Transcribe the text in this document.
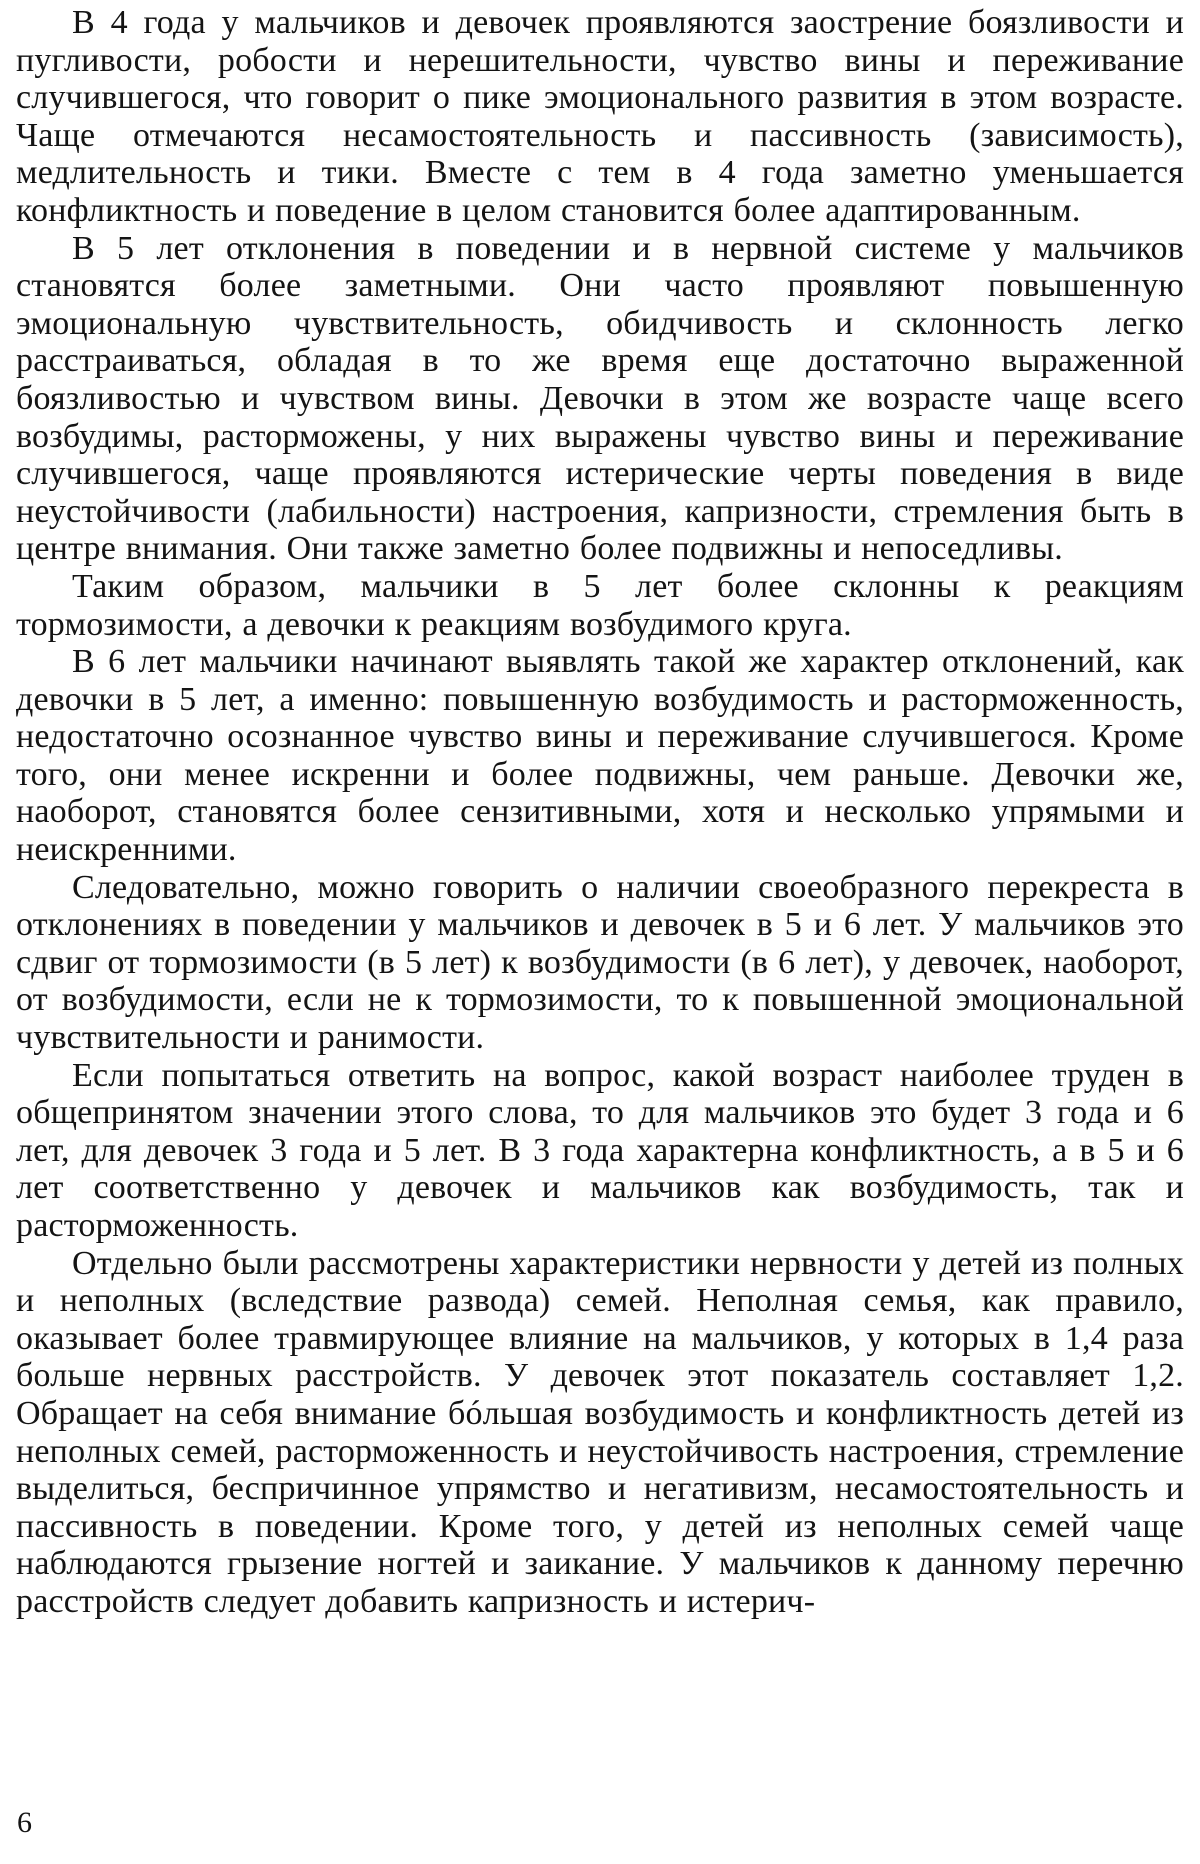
В 4 года у мальчиков и девочек проявляются заострение боязливости и пугливости, робости и нерешительности, чувство вины и переживание случившегося, что говорит о пике эмоционального развития в этом возрасте. Чаще отмечаются несамостоятельность и пассивность (зависимость), медлительность и тики. Вместе с тем в 4 года заметно уменьшается конфликтность и поведение в целом становится более адаптированным.

В 5 лет отклонения в поведении и в нервной системе у мальчиков становятся более заметными. Они часто проявляют повышенную эмоциональную чувствительность, обидчивость и склонность легко расстраиваться, обладая в то же время еще достаточно выраженной боязливостью и чувством вины. Девочки в этом же возрасте чаще всего возбудимы, расторможены, у них выражены чувство вины и переживание случившегося, чаще проявляются истерические черты поведения в виде неустойчивости (лабильности) настроения, капризности, стремления быть в центре внимания. Они также заметно более подвижны и непоседливы.

Таким образом, мальчики в 5 лет более склонны к реакциям тормозимости, а девочки к реакциям возбудимого круга.

В 6 лет мальчики начинают выявлять такой же характер отклонений, как девочки в 5 лет, а именно: повышенную возбудимость и расторможенность, недостаточно осознанное чувство вины и переживание случившегося. Кроме того, они менее искренни и более подвижны, чем раньше. Девочки же, наоборот, становятся более сензитивными, хотя и несколько упрямыми и неискренними.

Следовательно, можно говорить о наличии своеобразного перекреста в отклонениях в поведении у мальчиков и девочек в 5 и 6 лет. У мальчиков это сдвиг от тормозимости (в 5 лет) к возбудимости (в 6 лет), у девочек, наоборот, от возбудимости, если не к тормозимости, то к повышенной эмоциональной чувствительности и ранимости.

Если попытаться ответить на вопрос, какой возраст наиболее труден в общепринятом значении этого слова, то для мальчиков это будет 3 года и 6 лет, для девочек 3 года и 5 лет. В 3 года характерна конфликтность, а в 5 и 6 лет соответственно у девочек и мальчиков как возбудимость, так и расторможенность.

Отдельно были рассмотрены характеристики нервности у детей из полных и неполных (вследствие развода) семей. Неполная семья, как правило, оказывает более травмирующее влияние на мальчиков, у которых в 1,4 раза больше нервных расстройств. У девочек этот показатель составляет 1,2. Обращает на себя внимание бóльшая возбудимость и конфликтность детей из неполных семей, расторможенность и неустойчивость настроения, стремление выделиться, беспричинное упрямство и негативизм, несамостоятельность и пассивность в поведении. Кроме того, у детей из неполных семей чаще наблюдаются грызение ногтей и заикание. У мальчиков к данному перечню расстройств следует добавить капризность и истерич-

6
